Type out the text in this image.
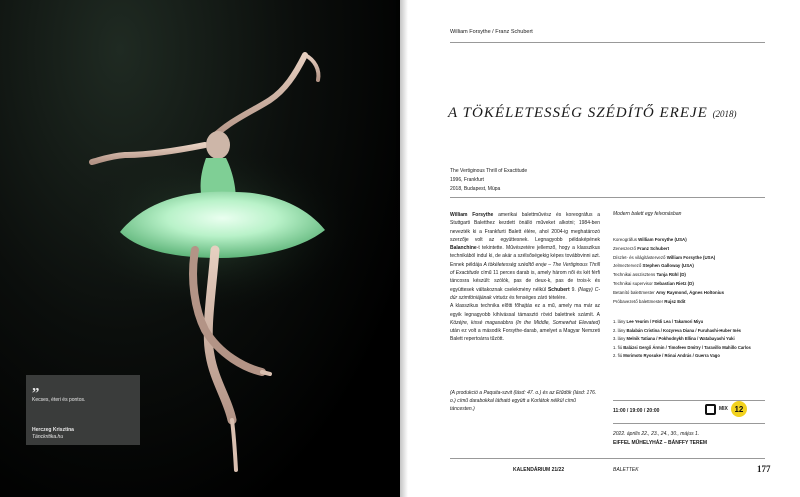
„
Kecses, éteri és pontos.
Herczeg Krisztina
Tánckritika.hu
William Forsythe / Franz Schubert
A TÖKÉLETESSÉG SZÉDÍTŐ EREJE (2018)
The Vertiginous Thrill of Exactitude
1996, Frankfurt
2018, Budapest, Müpa
William Forsythe amerikai balettművész és koreográfus a Stuttgarti Baletthez kezdett önálló műveket alkotni; 1984-ben nevezték ki a Frankfurti Balett élére, ahol 2004-ig meghatározó szerzője volt az együttesnek. Legnagyobb példaképének Balanchine-t tekintette. Művészetére jellemző, hogy a klasszikus technikából indul ki, de akár a szélsőségekig képes továbbvinni azt. Ennek példája A tökéletesség szédítő ereje – The Vertiginous Thrill of Exactitude című 11 perces darab is, amely három női és két férfi táncosra készült: szólók, pas de deux-k, pas de trois-k és együttesek váltakoznak cselekmény nélkül Schubert 9. (Nagy) C-dúr szimfóniájának virtuóz és fenséges záró tételére.
A klasszikus technika előtti főhajtás ez a mű, amely ma már az egyik legnagyobb kihívással támasztó rövid balettnek számít. A Közéjre, kissé magasabbra (In the Middle, Somewhat Elevated) után ez volt a második Forsythe-darab, amelyet a Magyar Nemzeti Balett repertoárra tűzött.
(A produkció a Paquita-szvit (lásd: 47. o.) és az Etűdök (lásd: 176. o.) című darabokkal látható együtt a Korlátok nélkül című táncesten.)
Modern balett egy felvonásban
Koreográfus William Forsythe (USA)
Zeneszerző Franz Schubert
Díszlet- és világítástervező William Forsythe (USA)
Jelmeztervező Stephen Galloway (USA)
Technikai asszisztens Tanja Rühl (D)
Technikai supervisor Sebastian Rietz (D)
Betanító balettmester Amy Raymond, Ágnes Holtonius
Próbavezető balettmester Rujsz Edit
1. lány Lee Yeurim / Földi Lea / Takamori Miyu
2. lány Balabán Cristina / Kozyreva Diana / Furuhashi-Huber Inés
3. lány Melnik Tatiana / Pokhodnykh Ellina / Watabayashi Yuki
1. fiú Balázsi Gergő Ármin / Timofeev Dmitry / Taravillo Mahillo Carlos
2. fiú Morimoto Ryosuke / Rónai András / Guerra Vago
11:00 / 19:00 / 20:00	MIX 12
2022. április 22., 23., 24., 30., május 1.
EIFFEL MŰHELYHÁZ – BÁNFFY TEREM
KALENDÁRIUM 21/22	BALETTEK	177
